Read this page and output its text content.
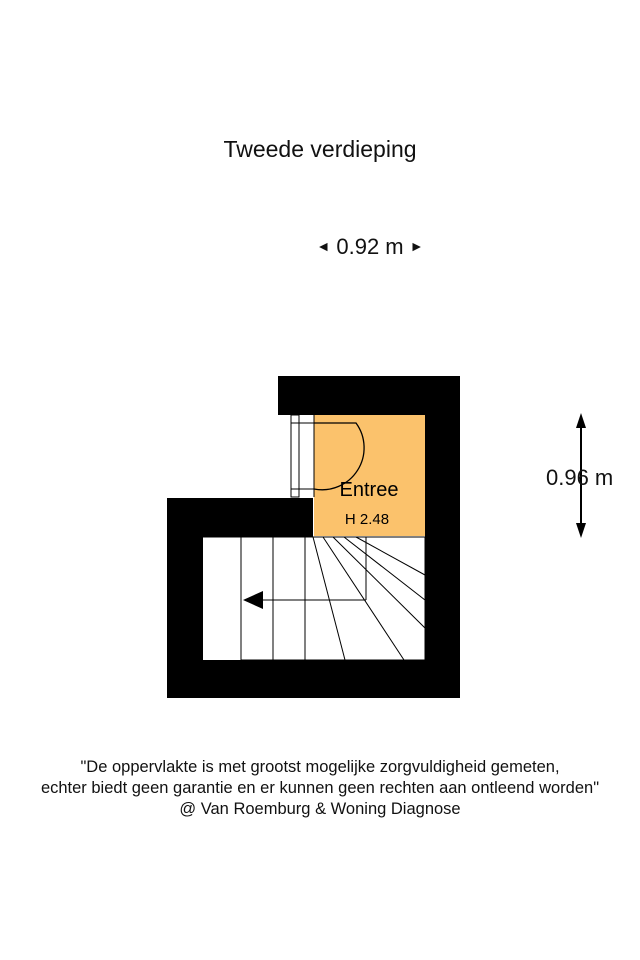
Tweede verdieping
◄ 0.92 m ►
Entree
H 2.48
0.96 m
"De oppervlakte is met grootst mogelijke zorgvuldigheid gemeten,
echter biedt geen garantie en er kunnen geen rechten aan ontleend worden"
@ Van Roemburg & Woning Diagnose
